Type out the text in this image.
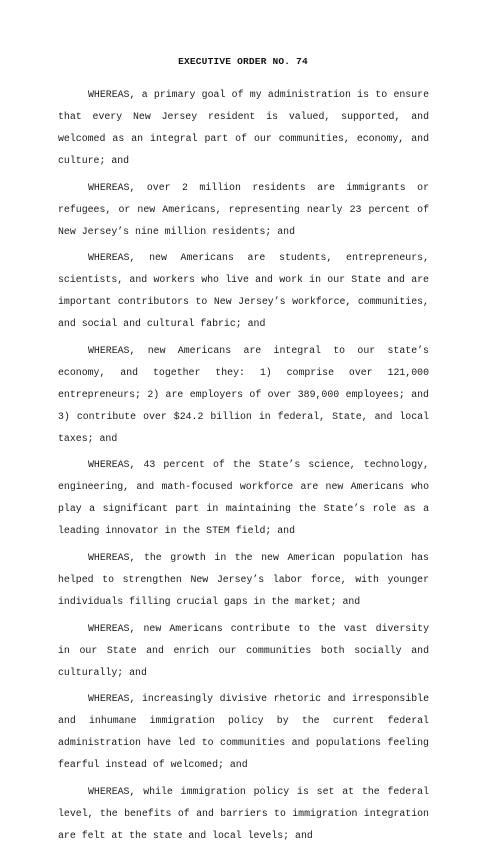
EXECUTIVE ORDER NO. 74

WHEREAS, a primary goal of my administration is to ensure that every New Jersey resident is valued, supported, and welcomed as an integral part of our communities, economy, and culture; and

WHEREAS, over 2 million residents are immigrants or refugees, or new Americans, representing nearly 23 percent of New Jersey’s nine million residents; and

WHEREAS, new Americans are students, entrepreneurs, scientists, and workers who live and work in our State and are important contributors to New Jersey’s workforce, communities, and social and cultural fabric; and

WHEREAS, new Americans are integral to our state’s economy, and together they: 1) comprise over 121,000 entrepreneurs; 2) are employers of over 389,000 employees; and 3) contribute over $24.2 billion in federal, State, and local taxes; and

WHEREAS, 43 percent of the State’s science, technology, engineering, and math-focused workforce are new Americans who play a significant part in maintaining the State’s role as a leading innovator in the STEM field; and

WHEREAS, the growth in the new American population has helped to strengthen New Jersey’s labor force, with younger individuals filling crucial gaps in the market; and

WHEREAS, new Americans contribute to the vast diversity in our State and enrich our communities both socially and culturally; and

WHEREAS, increasingly divisive rhetoric and irresponsible and inhumane immigration policy by the current federal administration have led to communities and populations feeling fearful instead of welcomed; and

WHEREAS, while immigration policy is set at the federal level, the benefits of and barriers to immigration integration are felt at the state and local levels; and
